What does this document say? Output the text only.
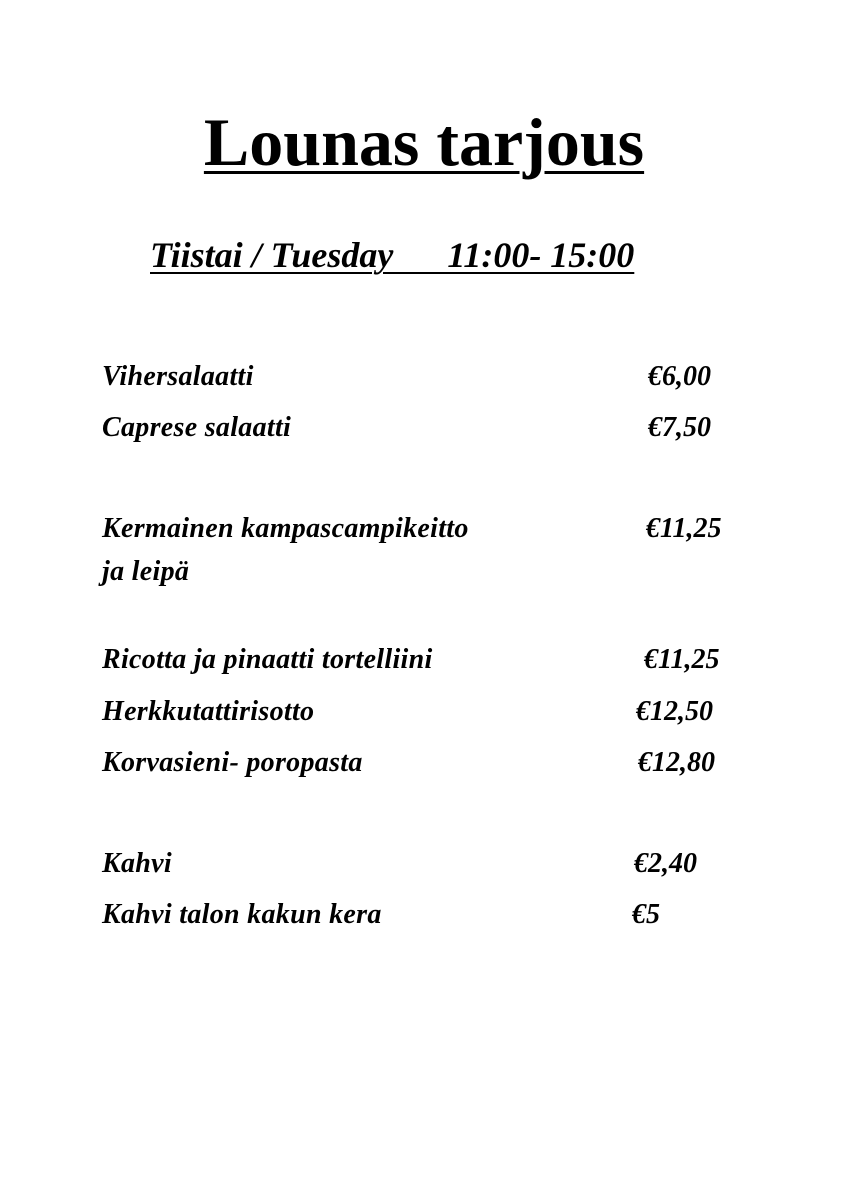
Lounas tarjous
Tiistai / Tuesday      11:00- 15:00
Vihersalaatti	€6,00
Caprese salaatti	€7,50
Kermainen kampascampikeitto	€11,25
ja leipä
Ricotta ja pinaatti tortelliini	€11,25
Herkkutattirisotto	€12,50
Korvasieni- poropasta	€12,80
Kahvi	€2,40
Kahvi talon kakun kera	€5
